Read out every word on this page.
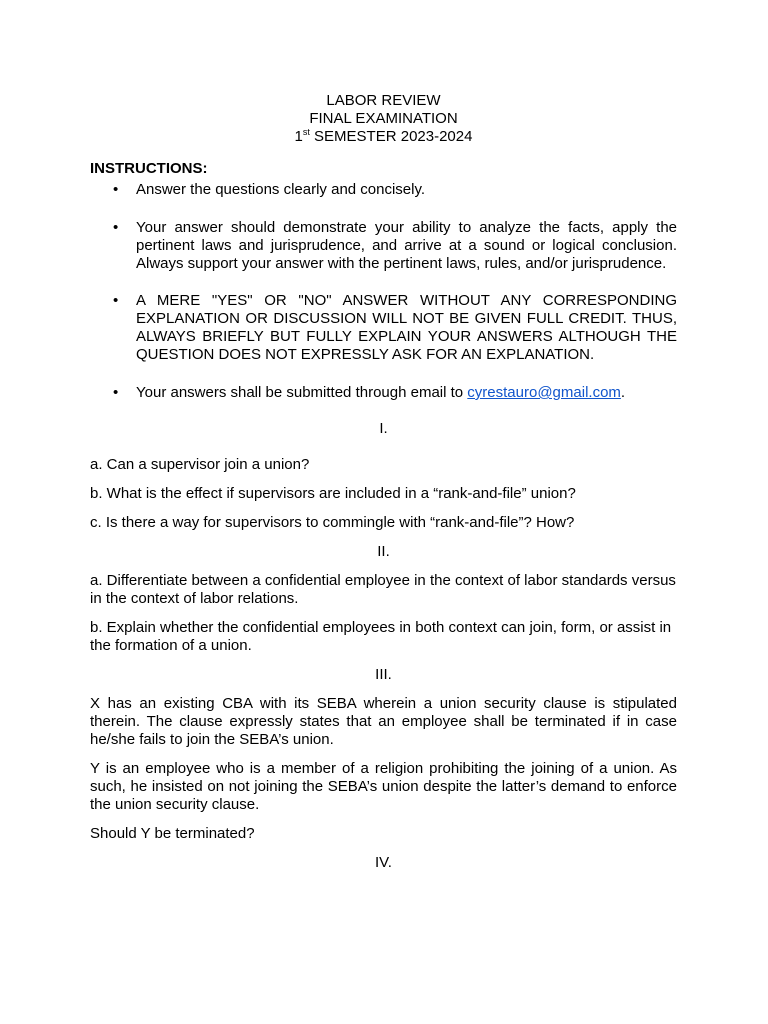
LABOR REVIEW
FINAL EXAMINATION
1st SEMESTER 2023-2024
INSTRUCTIONS:
• Answer the questions clearly and concisely.
• Your answer should demonstrate your ability to analyze the facts, apply the pertinent laws and jurisprudence, and arrive at a sound or logical conclusion. Always support your answer with the pertinent laws, rules, and/or jurisprudence.
• A MERE "YES" OR "NO" ANSWER WITHOUT ANY CORRESPONDING EXPLANATION OR DISCUSSION WILL NOT BE GIVEN FULL CREDIT. THUS, ALWAYS BRIEFLY BUT FULLY EXPLAIN YOUR ANSWERS ALTHOUGH THE QUESTION DOES NOT EXPRESSLY ASK FOR AN EXPLANATION.
• Your answers shall be submitted through email to cyrestauro@gmail.com.
I.

a. Can a supervisor join a union?

b. What is the effect if supervisors are included in a “rank-and-file” union?

c. Is there a way for supervisors to commingle with “rank-and-file”? How?

II.

a. Differentiate between a confidential employee in the context of labor standards versus in the context of labor relations.

b. Explain whether the confidential employees in both context can join, form, or assist in the formation of a union.

III.

X has an existing CBA with its SEBA wherein a union security clause is stipulated therein. The clause expressly states that an employee shall be terminated if in case he/she fails to join the SEBA’s union.

Y is an employee who is a member of a religion prohibiting the joining of a union. As such, he insisted on not joining the SEBA’s union despite the latter’s demand to enforce the union security clause.

Should Y be terminated?

IV.
